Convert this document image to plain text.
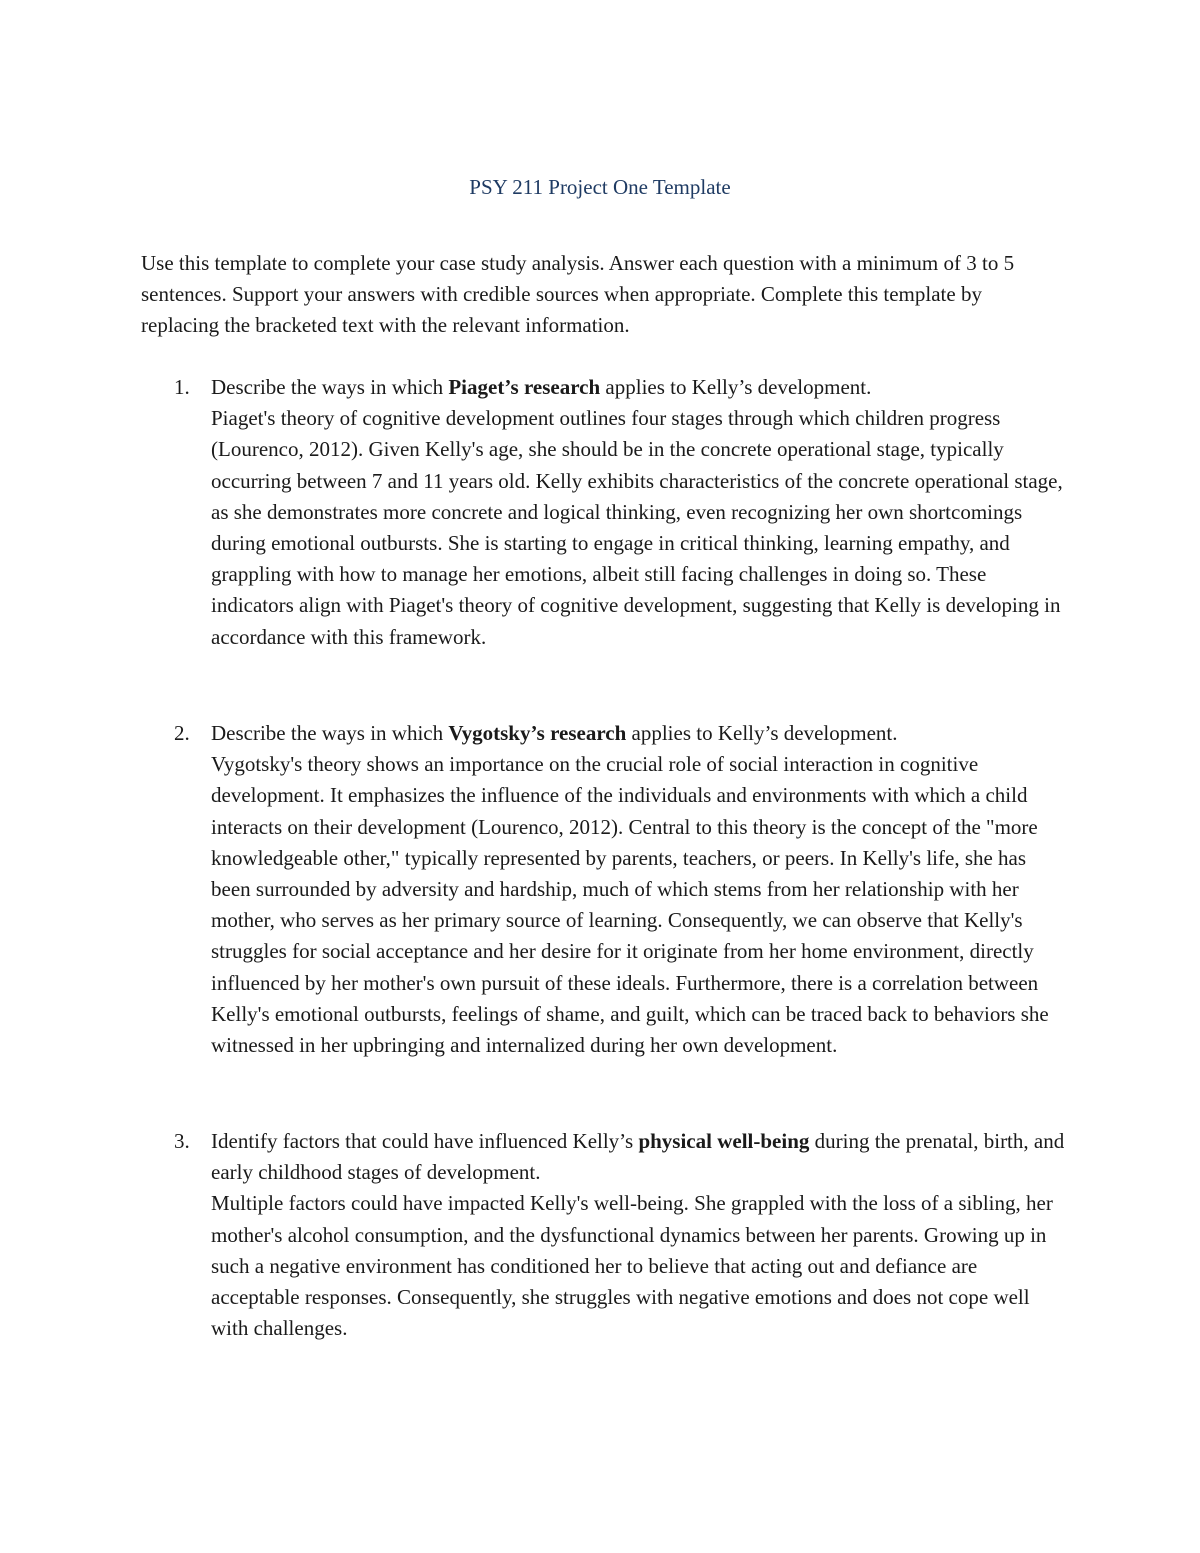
PSY 211 Project One Template

Use this template to complete your case study analysis. Answer each question with a minimum of 3 to 5 sentences. Support your answers with credible sources when appropriate. Complete this template by replacing the bracketed text with the relevant information.

1. Describe the ways in which Piaget’s research applies to Kelly’s development.

Piaget's theory of cognitive development outlines four stages through which children progress (Lourenco, 2012). Given Kelly's age, she should be in the concrete operational stage, typically occurring between 7 and 11 years old. Kelly exhibits characteristics of the concrete operational stage, as she demonstrates more concrete and logical thinking, even recognizing her own shortcomings during emotional outbursts. She is starting to engage in critical thinking, learning empathy, and grappling with how to manage her emotions, albeit still facing challenges in doing so. These indicators align with Piaget's theory of cognitive development, suggesting that Kelly is developing in accordance with this framework.

2. Describe the ways in which Vygotsky’s research applies to Kelly’s development.

Vygotsky's theory shows an importance on the crucial role of social interaction in cognitive development. It emphasizes the influence of the individuals and environments with which a child interacts on their development (Lourenco, 2012). Central to this theory is the concept of the "more knowledgeable other," typically represented by parents, teachers, or peers. In Kelly's life, she has been surrounded by adversity and hardship, much of which stems from her relationship with her mother, who serves as her primary source of learning. Consequently, we can observe that Kelly's struggles for social acceptance and her desire for it originate from her home environment, directly influenced by her mother's own pursuit of these ideals. Furthermore, there is a correlation between Kelly's emotional outbursts, feelings of shame, and guilt, which can be traced back to behaviors she witnessed in her upbringing and internalized during her own development.

3. Identify factors that could have influenced Kelly’s physical well-being during the prenatal, birth, and early childhood stages of development.

Multiple factors could have impacted Kelly's well-being. She grappled with the loss of a sibling, her mother's alcohol consumption, and the dysfunctional dynamics between her parents. Growing up in such a negative environment has conditioned her to believe that acting out and defiance are acceptable responses. Consequently, she struggles with negative emotions and does not cope well with challenges.
